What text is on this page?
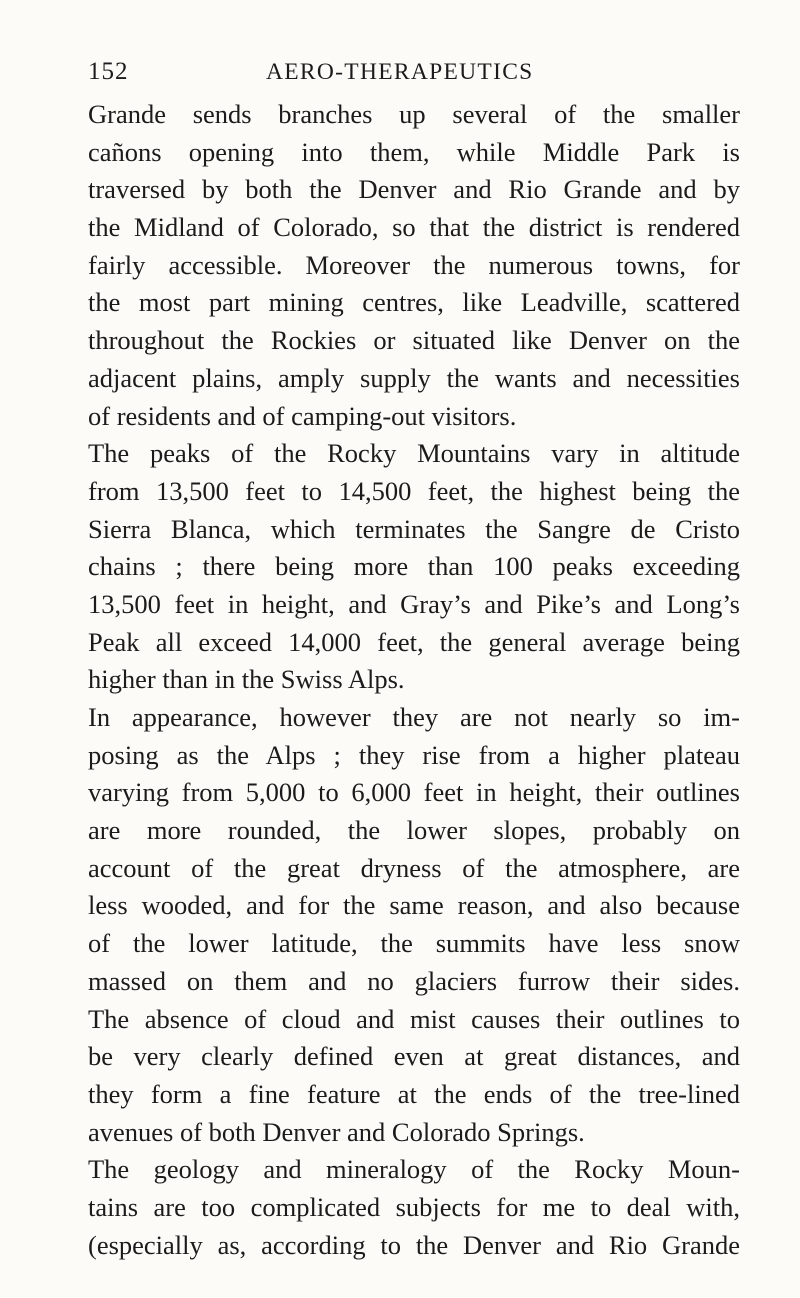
152	AERO-THERAPEUTICS
Grande sends branches up several of the smaller
cañons opening into them, while Middle Park is
traversed by both the Denver and Rio Grande and by
the Midland of Colorado, so that the district is rendered
fairly accessible. Moreover the numerous towns, for
the most part mining centres, like Leadville, scattered
throughout the Rockies or situated like Denver on the
adjacent plains, amply supply the wants and necessities
of residents and of camping-out visitors.
The peaks of the Rocky Mountains vary in altitude
from 13,500 feet to 14,500 feet, the highest being the
Sierra Blanca, which terminates the Sangre de Cristo
chains ; there being more than 100 peaks exceeding
13,500 feet in height, and Gray’s and Pike’s and Long’s
Peak all exceed 14,000 feet, the general average being
higher than in the Swiss Alps.
In appearance, however they are not nearly so im-
posing as the Alps ; they rise from a higher plateau
varying from 5,000 to 6,000 feet in height, their outlines
are more rounded, the lower slopes, probably on
account of the great dryness of the atmosphere, are
less wooded, and for the same reason, and also because
of the lower latitude, the summits have less snow
massed on them and no glaciers furrow their sides.
The absence of cloud and mist causes their outlines to
be very clearly defined even at great distances, and
they form a fine feature at the ends of the tree-lined
avenues of both Denver and Colorado Springs.
The geology and mineralogy of the Rocky Moun-
tains are too complicated subjects for me to deal with,
(especially as, according to the Denver and Rio Grande
